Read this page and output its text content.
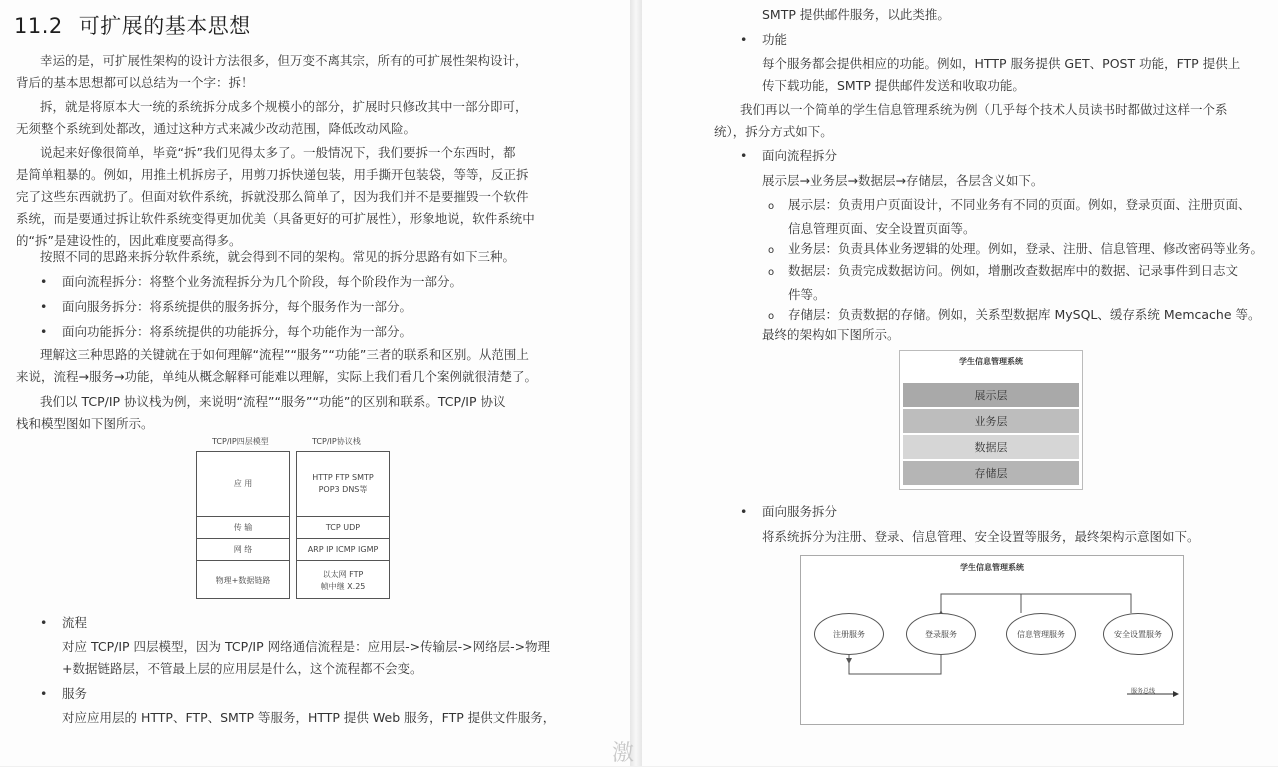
11.2 可扩展的基本思想
幸运的是，可扩展性架构的设计方法很多，但万变不离其宗，所有的可扩展性架构设计，
背后的基本思想都可以总结为一个字：拆！
拆，就是将原本大一统的系统拆分成多个规模小的部分，扩展时只修改其中一部分即可，
无须整个系统到处都改，通过这种方式来减少改动范围，降低改动风险。
说起来好像很简单，毕竟“拆”我们见得太多了。一般情况下，我们要拆一个东西时，都
是简单粗暴的。例如，用推土机拆房子，用剪刀拆快递包装，用手撕开包装袋，等等，反正拆
完了这些东西就扔了。但面对软件系统，拆就没那么简单了，因为我们并不是要摧毁一个软件
系统，而是要通过拆让软件系统变得更加优美（具备更好的可扩展性），形象地说，软件系统中
的“拆”是建设性的，因此难度要高得多。
按照不同的思路来拆分软件系统，就会得到不同的架构。常见的拆分思路有如下三种。
• 面向流程拆分：将整个业务流程拆分为几个阶段，每个阶段作为一部分。
• 面向服务拆分：将系统提供的服务拆分，每个服务作为一部分。
• 面向功能拆分：将系统提供的功能拆分，每个功能作为一部分。
理解这三种思路的关键就在于如何理解“流程”“服务”“功能”三者的联系和区别。从范围上
来说，流程→服务→功能，单纯从概念解释可能难以理解，实际上我们看几个案例就很清楚了。
我们以 TCP/IP 协议栈为例，来说明“流程”“服务”“功能”的区别和联系。TCP/IP 协议
栈和模型图如下图所示。
TCP/IP四层模型	TCP/IP协议栈
应 用
传 输
网 络
物理+数据链路
HTTP FTP SMTP
POP3 DNS等
TCP UDP
ARP IP ICMP IGMP
以太网 FTP
帧中继 X.25
• 流程
对应 TCP/IP 四层模型，因为 TCP/IP 网络通信流程是：应用层->传输层->网络层->物理
+数据链路层，不管最上层的应用层是什么，这个流程都不会变。
• 服务
对应应用层的 HTTP、FTP、SMTP 等服务，HTTP 提供 Web 服务，FTP 提供文件服务，
SMTP 提供邮件服务，以此类推。
• 功能
每个服务都会提供相应的功能。例如，HTTP 服务提供 GET、POST 功能，FTP 提供上
传下载功能，SMTP 提供邮件发送和收取功能。
我们再以一个简单的学生信息管理系统为例（几乎每个技术人员读书时都做过这样一个系
统），拆分方式如下。
• 面向流程拆分
展示层→业务层→数据层→存储层，各层含义如下。
o 展示层：负责用户页面设计，不同业务有不同的页面。例如，登录页面、注册页面、
信息管理页面、安全设置页面等。
o 业务层：负责具体业务逻辑的处理。例如，登录、注册、信息管理、修改密码等业务。
o 数据层：负责完成数据访问。例如，增删改查数据库中的数据、记录事件到日志文
件等。
o 存储层：负责数据的存储。例如，关系型数据库 MySQL、缓存系统 Memcache 等。
最终的架构如下图所示。
学生信息管理系统
展示层
业务层
数据层
存储层
• 面向服务拆分
将系统拆分为注册、登录、信息管理、安全设置等服务，最终架构示意图如下。
学生信息管理系统
注册服务	登录服务	信息管理服务	安全设置服务
服务总线
激
